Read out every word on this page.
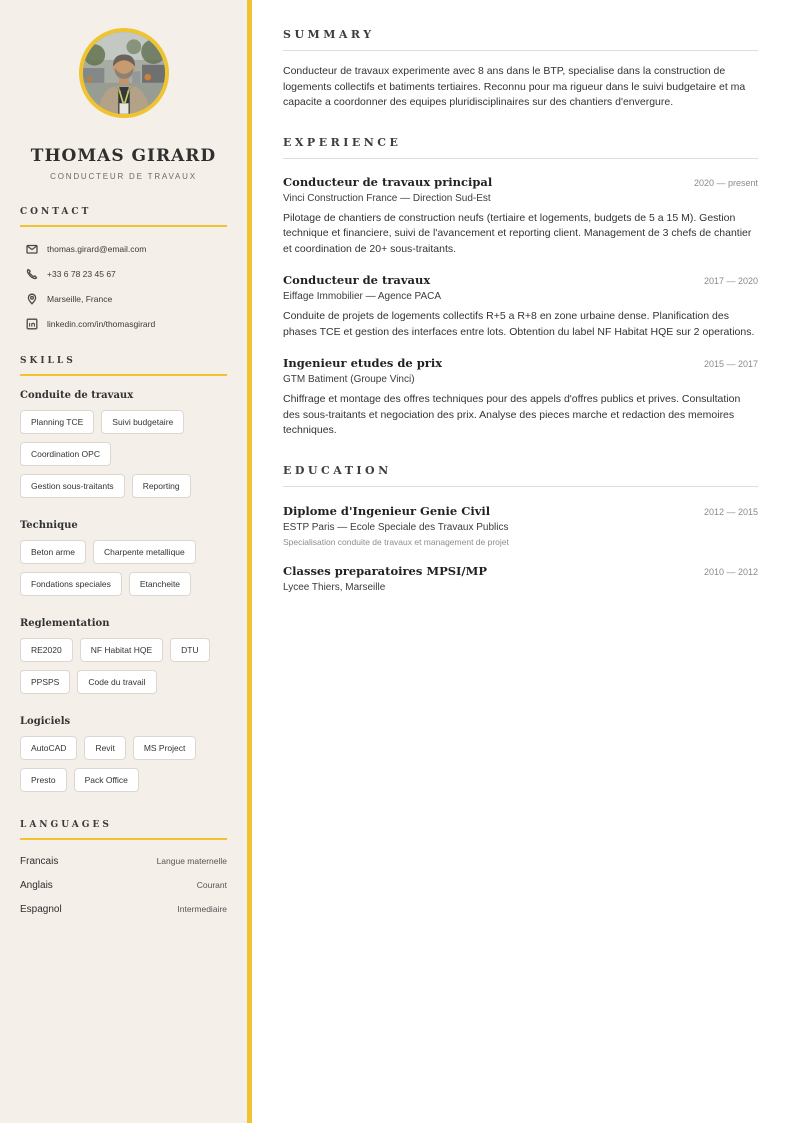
THOMAS GIRARD
CONDUCTEUR DE TRAVAUX
CONTACT
thomas.girard@email.com
+33 6 78 23 45 67
Marseille, France
linkedin.com/in/thomasgirard
SKILLS
Conduite de travaux
Planning TCE	Suivi budgetaire
Coordination OPC
Gestion sous-traitants	Reporting
Technique
Beton arme	Charpente metallique
Fondations speciales	Etancheite
Reglementation
RE2020	NF Habitat HQE	DTU
PPSPS	Code du travail
Logiciels
AutoCAD	Revit	MS Project
Presto	Pack Office
LANGUAGES
Francais	Langue maternelle
Anglais	Courant
Espagnol	Intermediaire
SUMMARY

Conducteur de travaux experimente avec 8 ans dans le BTP, specialise dans la construction de logements collectifs et batiments tertiaires. Reconnu pour ma rigueur dans le suivi budgetaire et ma capacite a coordonner des equipes pluridisciplinaires sur des chantiers d'envergure.

EXPERIENCE
Conducteur de travaux principal	2020 — present
Vinci Construction France — Direction Sud-Est

Pilotage de chantiers de construction neufs (tertiaire et logements, budgets de 5 a 15 M). Gestion technique et financiere, suivi de l'avancement et reporting client. Management de 3 chefs de chantier et coordination de 20+ sous-traitants.

Conducteur de travaux	2017 — 2020
Eiffage Immobilier — Agence PACA

Conduite de projets de logements collectifs R+5 a R+8 en zone urbaine dense. Planification des phases TCE et gestion des interfaces entre lots. Obtention du label NF Habitat HQE sur 2 operations.

Ingenieur etudes de prix	2015 — 2017
GTM Batiment (Groupe Vinci)

Chiffrage et montage des offres techniques pour des appels d'offres publics et prives. Consultation des sous-traitants et negociation des prix. Analyse des pieces marche et redaction des memoires techniques.

EDUCATION
Diplome d'Ingenieur Genie Civil	2012 — 2015
ESTP Paris — Ecole Speciale des Travaux Publics
Specialisation conduite de travaux et management de projet
Classes preparatoires MPSI/MP	2010 — 2012
Lycee Thiers, Marseille
